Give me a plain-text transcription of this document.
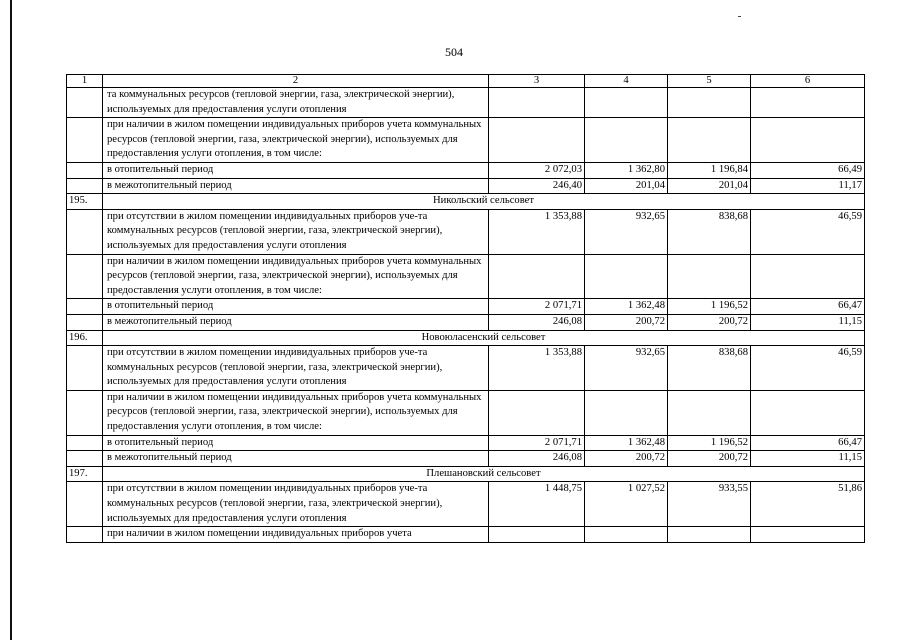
504
1	2	3	4	5	6
	та коммунальных ресурсов (тепловой энергии, газа, электрической энергии), используемых для предоставления услуги отопления				
	при наличии в жилом помещении индивидуальных приборов учета коммунальных ресурсов (тепловой энергии, газа, электрической энергии), используемых для предоставления услуги отопления, в том числе:				
	в отопительный период	2 072,03	1 362,80	1 196,84	66,49
	в межотопительный период	246,40	201,04	201,04	11,17
195.	Никольский сельсовет				
	при отсутствии в жилом помещении индивидуальных приборов уче-та коммунальных ресурсов (тепловой энергии, газа, электрической энергии), используемых для предоставления услуги отопления	1 353,88	932,65	838,68	46,59
	при наличии в жилом помещении индивидуальных приборов учета коммунальных ресурсов (тепловой энергии, газа, электрической энергии), используемых для предоставления услуги отопления, в том числе:				
	в отопительный период	2 071,71	1 362,48	1 196,52	66,47
	в межотопительный период	246,08	200,72	200,72	11,15
196.	Новоюласенский сельсовет				
	при отсутствии в жилом помещении индивидуальных приборов уче-та коммунальных ресурсов (тепловой энергии, газа, электрической энергии), используемых для предоставления услуги отопления	1 353,88	932,65	838,68	46,59
	при наличии в жилом помещении индивидуальных приборов учета коммунальных ресурсов (тепловой энергии, газа, электрической энергии), используемых для предоставления услуги отопления, в том числе:				
	в отопительный период	2 071,71	1 362,48	1 196,52	66,47
	в межотопительный период	246,08	200,72	200,72	11,15
197.	Плешановский сельсовет				
	при отсутствии в жилом помещении индивидуальных приборов уче-та коммунальных ресурсов (тепловой энергии, газа, электрической энергии), используемых для предоставления услуги отопления	1 448,75	1 027,52	933,55	51,86
	при наличии в жилом помещении индивидуальных приборов учета				
